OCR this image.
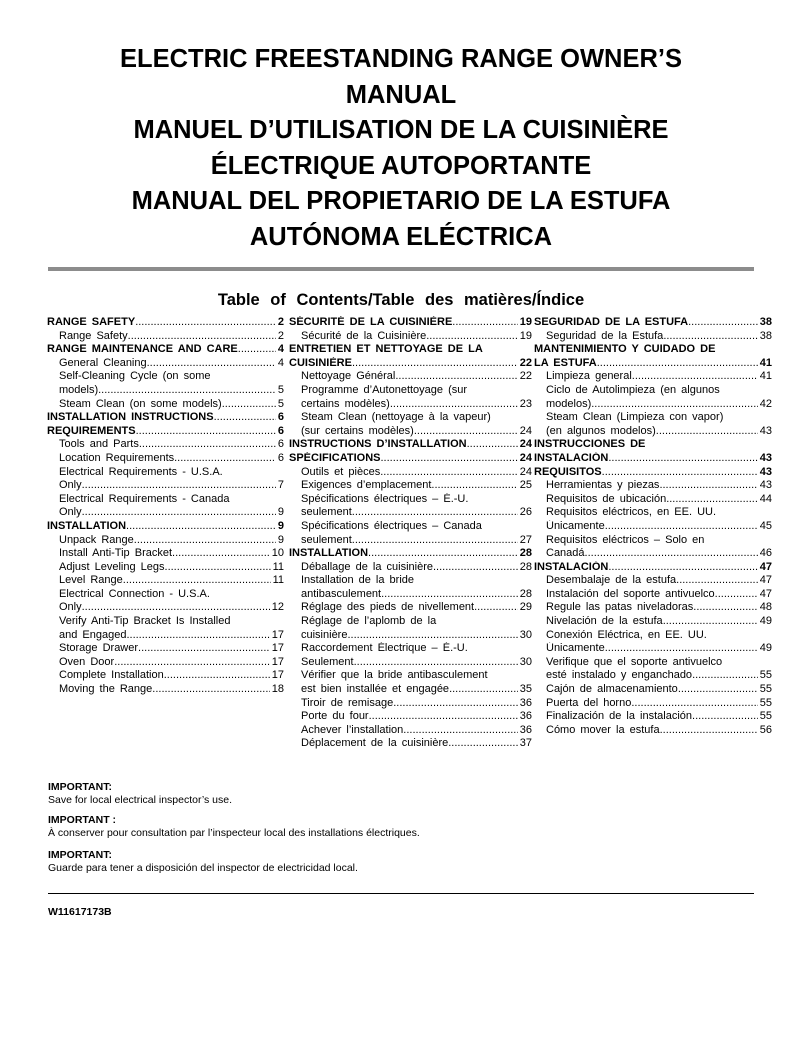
ELECTRIC FREESTANDING RANGE OWNER’S
MANUAL
MANUEL D’UTILISATION DE LA CUISINIÈRE
ÉLECTRIQUE AUTOPORTANTE
MANUAL DEL PROPIETARIO DE LA ESTUFA
AUTÓNOMA ELÉCTRICA
Table of Contents/Table des matières/Índice
RANGE SAFETY .....	2
Range Safety .....	2
RANGE MAINTENANCE AND CARE .....	4
General Cleaning .....	4
Self-Cleaning Cycle (on some
models) .....	5
Steam Clean (on some models) .....	5
INSTALLATION INSTRUCTIONS .....	6
REQUIREMENTS .....	6
Tools and Parts .....	6
Location Requirements .....	6
Electrical Requirements - U.S.A.
Only .....	7
Electrical Requirements - Canada
Only .....	9
INSTALLATION .....	9
Unpack Range .....	9
Install Anti-Tip Bracket .....	10
Adjust Leveling Legs .....	11
Level Range .....	11
Electrical Connection - U.S.A.
Only .....	12
Verify Anti-Tip Bracket Is Installed
and Engaged .....	17
Storage Drawer .....	17
Oven Door .....	17
Complete Installation .....	17
Moving the Range .....	18
SÉCURITÉ DE LA CUISINIÈRE .....	19
Sécurité de la Cuisinière .....	19
ENTRETIEN ET NETTOYAGE DE LA
CUISINIÈRE .....	22
Nettoyage Général .....	22
Programme d’Autonettoyage (sur
certains modèles) .....	23
Steam Clean (nettoyage à la vapeur)
(sur certains modèles) .....	24
INSTRUCTIONS D’INSTALLATION .....	24
SPÉCIFICATIONS .....	24
Outils et pièces .....	24
Exigences d’emplacement .....	25
Spécifications électriques – É.-U.
seulement .....	26
Spécifications électriques – Canada
seulement .....	27
INSTALLATION .....	28
Déballage de la cuisinière .....	28
Installation de la bride
antibasculement .....	28
Réglage des pieds de nivellement .....	29
Réglage de l’aplomb de la
cuisinière .....	30
Raccordement Électrique – É.-U.
Seulement .....	30
Vérifier que la bride antibasculement
est bien installée et engagée .....	35
Tiroir de remisage .....	36
Porte du four .....	36
Achever l’installation .....	36
Déplacement de la cuisinière .....	37
SEGURIDAD DE LA ESTUFA .....	38
Seguridad de la Estufa .....	38
MANTENIMIENTO Y CUIDADO DE
LA ESTUFA .....	41
Limpieza general .....	41
Ciclo de Autolimpieza (en algunos
modelos) .....	42
Steam Clean (Limpieza con vapor)
(en algunos modelos) .....	43
INSTRUCCIONES DE
INSTALACIÓN .....	43
REQUISITOS .....	43
Herramientas y piezas .....	43
Requisitos de ubicación .....	44
Requisitos eléctricos, en EE. UU.
Únicamente .....	45
Requisitos eléctricos – Solo en
Canadá .....	46
INSTALACIÓN .....	47
Desembalaje de la estufa .....	47
Instalación del soporte antivuelco .....	47
Regule las patas niveladoras .....	48
Nivelación de la estufa .....	49
Conexión Eléctrica, en EE. UU.
Únicamente .....	49
Verifique que el soporte antivuelco
esté instalado y enganchado .....	55
Cajón de almacenamiento .....	55
Puerta del horno .....	55
Finalización de la instalación .....	55
Cómo mover la estufa .....	56
IMPORTANT:
Save for local electrical inspector’s use.
IMPORTANT :
À conserver pour consultation par l’inspecteur local des installations électriques.
IMPORTANT:
Guarde para tener a disposición del inspector de electricidad local.
W11617173B
